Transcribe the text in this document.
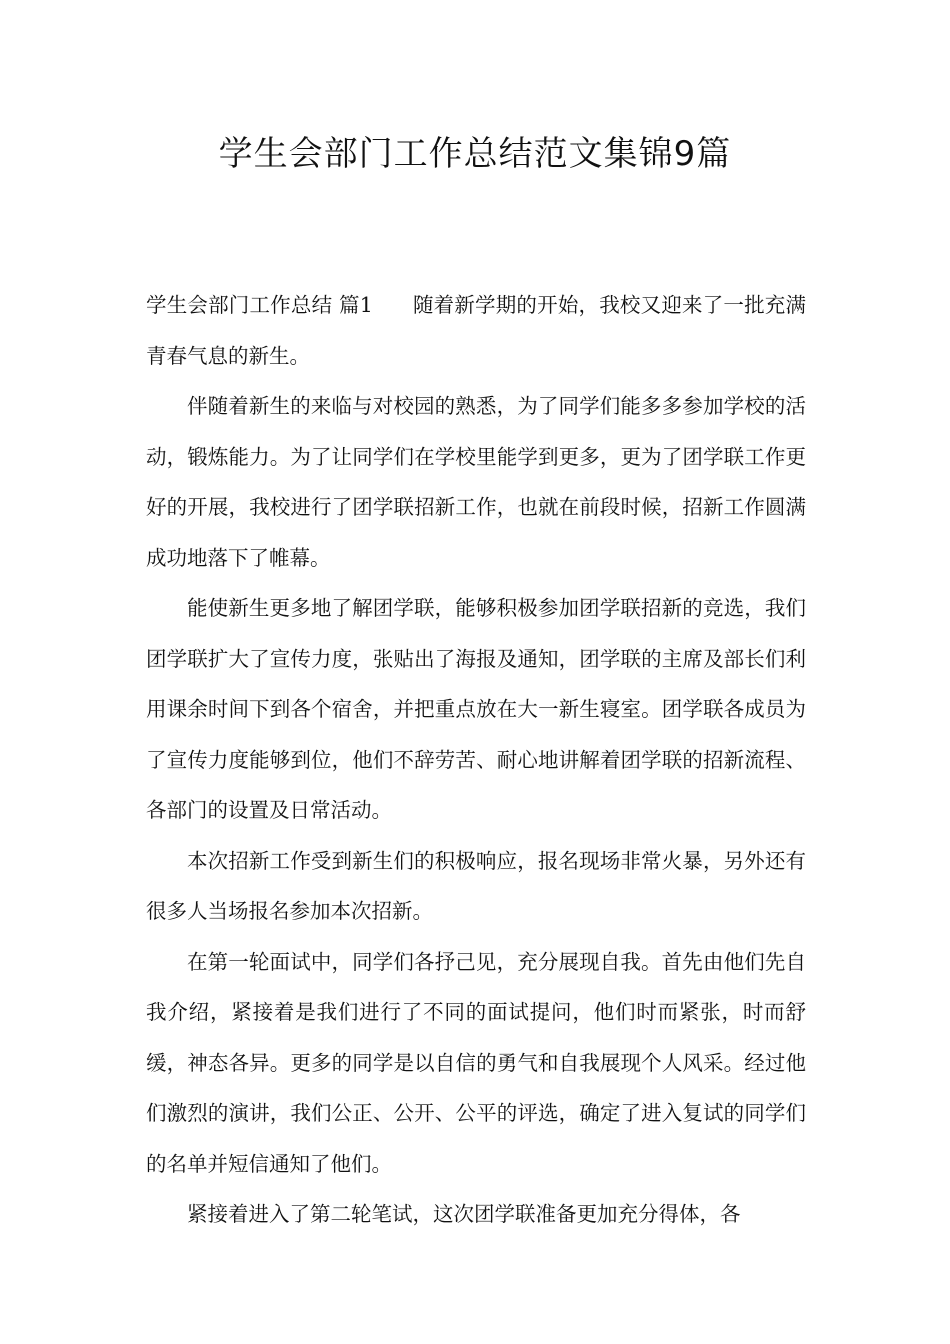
学生会部门工作总结范文集锦9篇

学生会部门工作总结 篇1 随着新学期的开始，我校又迎来了一批充满青春气息的新生。

伴随着新生的来临与对校园的熟悉，为了同学们能多多参加学校的活动，锻炼能力。为了让同学们在学校里能学到更多，更为了团学联工作更好的开展，我校进行了团学联招新工作，也就在前段时候，招新工作圆满成功地落下了帷幕。

能使新生更多地了解团学联，能够积极参加团学联招新的竞选，我们团学联扩大了宣传力度，张贴出了海报及通知，团学联的主席及部长们利用课余时间下到各个宿舍，并把重点放在大一新生寝室。团学联各成员为了宣传力度能够到位，他们不辞劳苦、耐心地讲解着团学联的招新流程、各部门的设置及日常活动。

本次招新工作受到新生们的积极响应，报名现场非常火暴，另外还有很多人当场报名参加本次招新。

在第一轮面试中，同学们各抒己见，充分展现自我。首先由他们先自我介绍，紧接着是我们进行了不同的面试提问，他们时而紧张，时而舒缓，神态各异。更多的同学是以自信的勇气和自我展现个人风采。经过他们激烈的演讲，我们公正、公开、公平的评选，确定了进入复试的同学们的名单并短信通知了他们。

紧接着进入了第二轮笔试，这次团学联准备更加充分得体，各
